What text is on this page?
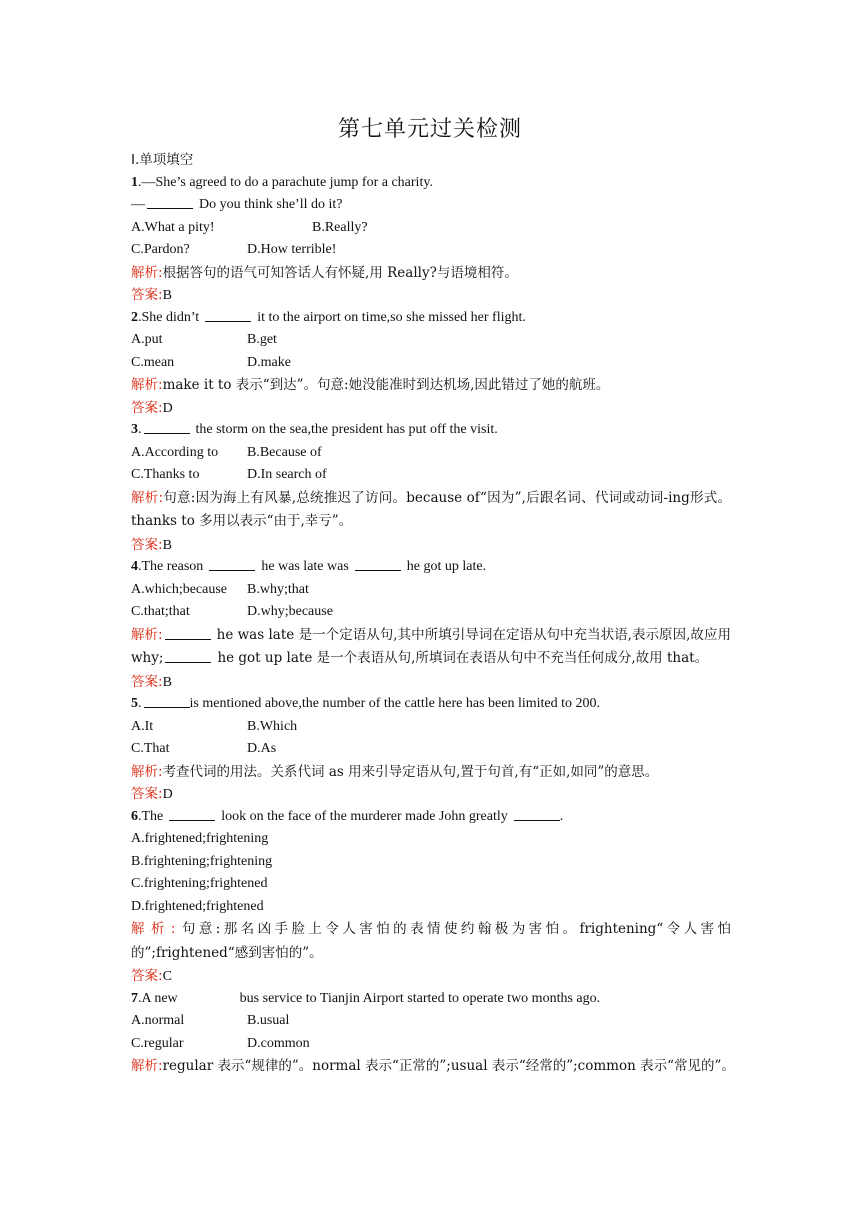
第七单元过关检测
Ⅰ.单项填空
1.—She’s agreed to do a parachute jump for a charity.
—	Do you think she’ll do it?
A.What a pity!	B.Really?
C.Pardon?	D.How terrible!
解析:根据答句的语气可知答话人有怀疑,用 Really?与语境相符。
答案:B
2.She didn’t	it to the airport on time,so she missed her flight.
A.put	B.get
C.mean	D.make
解析:make it to 表示“到达”。句意:她没能准时到达机场,因此错过了她的航班。
答案:D
3.	the storm on the sea,the president has put off the visit.
A.According to B.Because of
C.Thanks to	D.In search of
解析:句意:因为海上有风暴,总统推迟了访问。because of“因为”,后跟名词、代词或动词-ing形式。thanks to 多用以表示“由于,幸亏”。
答案:B
4.The reason	he was late was	he got up late.
A.which;because B.why;that
C.that;that	D.why;because
解析:	he was late 是一个定语从句,其中所填引导词在定语从句中充当状语,表示原因,故应用 why;	he got up late 是一个表语从句,所填词在表语从句中不充当任何成分,故用 that。
答案:B
5.	is mentioned above,the number of the cattle here has been limited to 200.
A.It	B.Which
C.That	D.As
解析:考查代词的用法。关系代词 as 用来引导定语从句,置于句首,有“正如,如同”的意思。
答案:D
6.The	look on the face of the murderer made John greatly	.
A.frightened;frightening
B.frightening;frightening
C.frightening;frightened
D.frightened;frightened
解析:句意:那名凶手脸上令人害怕的表情使约翰极为害怕。frightening“令人害怕的”;frightened“感到害怕的”。
答案:C
7.A new	bus service to Tianjin Airport started to operate two months ago.
A.normal	B.usual
C.regular	D.common
解析:regular 表示“规律的”。normal 表示“正常的”;usual 表示“经常的”;common 表示“常见的”。
